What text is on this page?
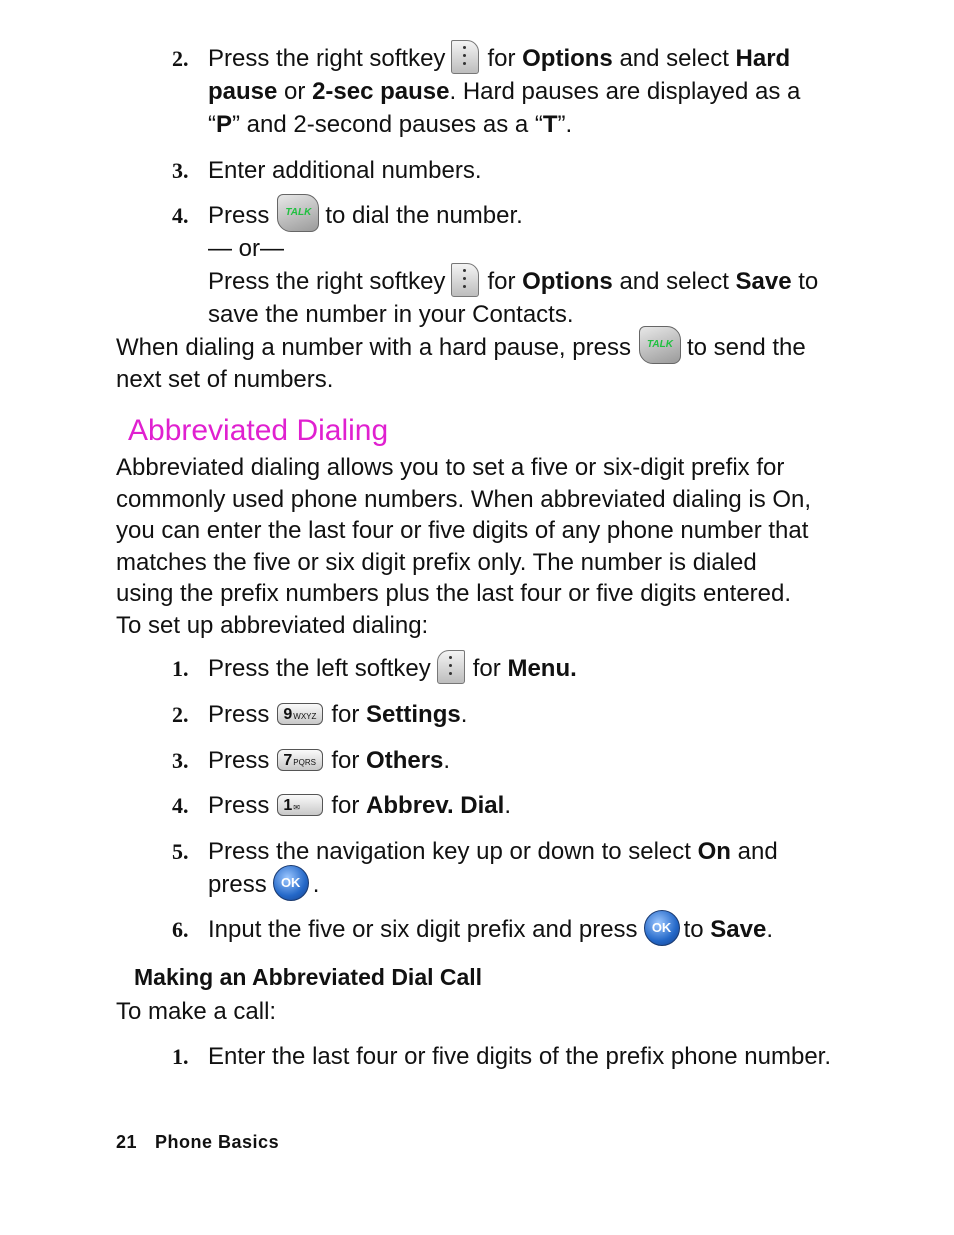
2. Press the right softkey for Options and select Hard pause or 2-sec pause. Hard pauses are displayed as a “P” and 2-second pauses as a “T”.
3. Enter additional numbers.
4. Press TALK to dial the number.
— or—
Press the right softkey for Options and select Save to save the number in your Contacts.
When dialing a number with a hard pause, press TALK to send the next set of numbers.
Abbreviated Dialing
Abbreviated dialing allows you to set a five or six-digit prefix for commonly used phone numbers. When abbreviated dialing is On, you can enter the last four or five digits of any phone number that matches the five or six digit prefix only. The number is dialed using the prefix numbers plus the last four or five digits entered.
To set up abbreviated dialing:
1. Press the left softkey for Menu.
2. Press 9WXYZ for Settings.
3. Press 7PQRS for Others.
4. Press 1✉ for Abbrev. Dial.
5. Press the navigation key up or down to select On and press OK .
6. Input the five or six digit prefix and press OK to Save.
Making an Abbreviated Dial Call
To make a call:
1. Enter the last four or five digits of the prefix phone number.
21 Phone Basics
